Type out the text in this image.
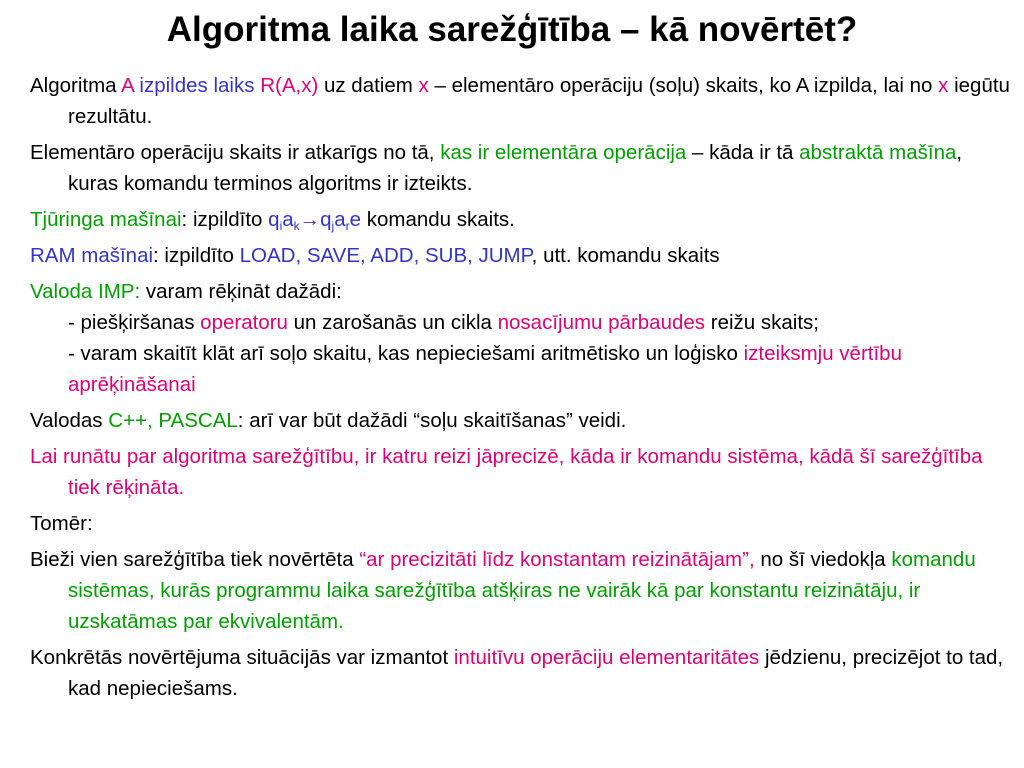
Algoritma laika sarežģītība – kā novērtēt?
Algoritma A izpildes laiks R(A,x) uz datiem x – elementāro operāciju (soļu) skaits, ko A izpilda, lai no x iegūtu rezultātu.
Elementāro operāciju skaits ir atkarīgs no tā, kas ir elementāra operācija – kāda ir tā abstraktā mašīna, kuras komandu terminos algoritms ir izteikts.
Tjūringa mašīnai: izpildīto $q_ia_k\to q_ja_re$ komandu skaits.
RAM mašīnai: izpildīto LOAD, SAVE, ADD, SUB, JUMP, utt. komandu skaits
Valoda IMP: varam rēķināt dažādi:
- piešķiršanas operatoru un zarošanās un cikla nosacījumu pārbaudes reižu skaits;
- varam skaitīt klāt arī soļo skaitu, kas nepieciešami aritmētisko un loģisko izteiksmju vērtību aprēķināšanai
Valodas C++, PASCAL: arī var būt dažādi “soļu skaitīšanas” veidi.
Lai runātu par algoritma sarežģītību, ir katru reizi jāprecizē, kāda ir komandu sistēma, kādā šī sarežģītība tiek rēķināta.
Tomēr:
Bieži vien sarežģītība tiek novērtēta “ar precizitāti līdz konstantam reizinātājam”, no šī viedokļa komandu sistēmas, kurās programmu laika sarežģītība atšķiras ne vairāk kā par konstantu reizinātāju, ir uzskatāmas par ekvivalentām.
Konkrētās novērtējuma situācijās var izmantot intuitīvu operāciju elementaritātes jēdzienu, precizējot to tad, kad nepieciešams.
